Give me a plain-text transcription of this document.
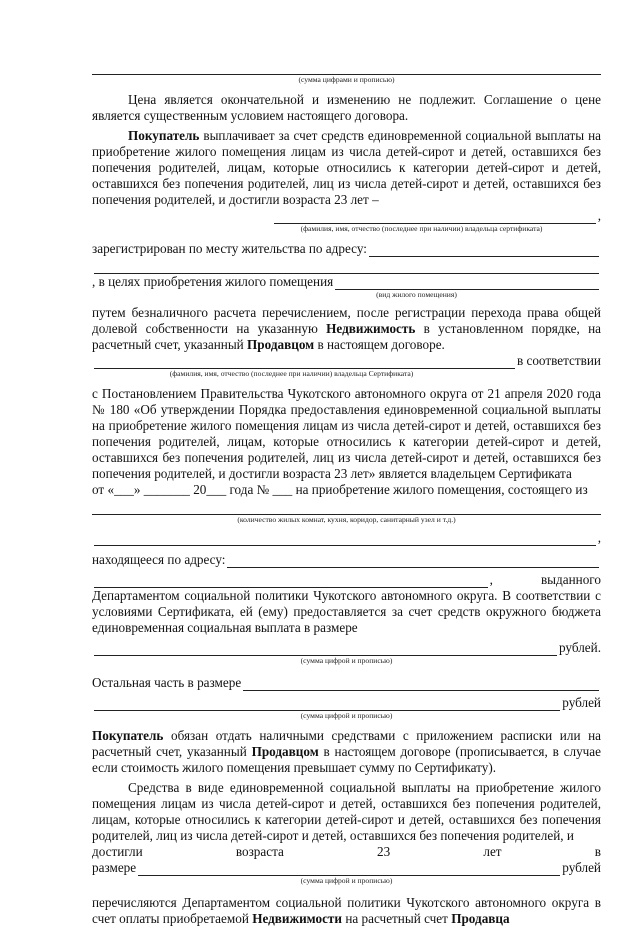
(сумма цифрами и прописью)

Цена является окончательной и изменению не подлежит. Соглашение о цене является существенным условием настоящего договора.

Покупатель выплачивает за счет средств единовременной социальной выплаты на приобретение жилого помещения лицам из числа детей-сирот и детей, оставшихся без попечения родителей, лицам, которые относились к категории детей-сирот и детей, оставшихся без попечения родителей, лиц из числа детей-сирот и детей, оставшихся без попечения родителей, и достигли возраста 23 лет –

,
(фамилия, имя, отчество (последнее при наличии) владельца сертификата)
зарегистрирован по месту жительства по адресу:
, в целях приобретения жилого помещения
(вид жилого помещения)

путем безналичного расчета перечислением, после регистрации перехода права общей долевой собственности на указанную Недвижимость в установленном порядке, на расчетный счет, указанный Продавцом в настоящем договоре.

в соответствии
(фамилия, имя, отчество (последнее при наличии) владельца Сертификата)

с Постановлением Правительства Чукотского автономного округа от 21 апреля 2020 года № 180 «Об утверждении Порядка предоставления единовременной социальной выплаты на приобретение жилого помещения лицам из числа детей-сирот и детей, оставшихся без попечения родителей, лицам, которые относились к категории детей-сирот и детей, оставшихся без попечения родителей, лиц из числа детей-сирот и детей, оставшихся без попечения родителей, и достигли возраста 23 лет» является владельцем Сертификата

от «___» _______ 20___ года № ___ на приобретение жилого помещения, состоящего из

(количество жилых комнат, кухня, коридор, санитарный узел и т.д.)
,
находящееся по адресу:
,	выданного

Департаментом социальной политики Чукотского автономного округа. В соответствии с условиями Сертификата, ей (ему) предоставляется за счет средств окружного бюджета единовременная социальная выплата в размере

рублей.
(сумма цифрой и прописью)
Остальная часть в размере
рублей
(сумма цифрой и прописью)

Покупатель обязан отдать наличными средствами с приложением расписки или на расчетный счет, указанный Продавцом в настоящем договоре (прописывается, в случае если стоимость жилого помещения превышает сумму по Сертификату).

Средства в виде единовременной социальной выплаты на приобретение жилого помещения лицам из числа детей-сирот и детей, оставшихся без попечения родителей, лицам, которые относились к категории детей-сирот и детей, оставшихся без попечения родителей, лиц из числа детей-сирот и детей, оставшихся без попечения родителей, и

достигли	возраста	23	лет	в
размере	рублей
(сумма цифрой и прописью)

перечисляются Департаментом социальной политики Чукотского автономного округа в счет оплаты приобретаемой Недвижимости на расчетный счет Продавца
